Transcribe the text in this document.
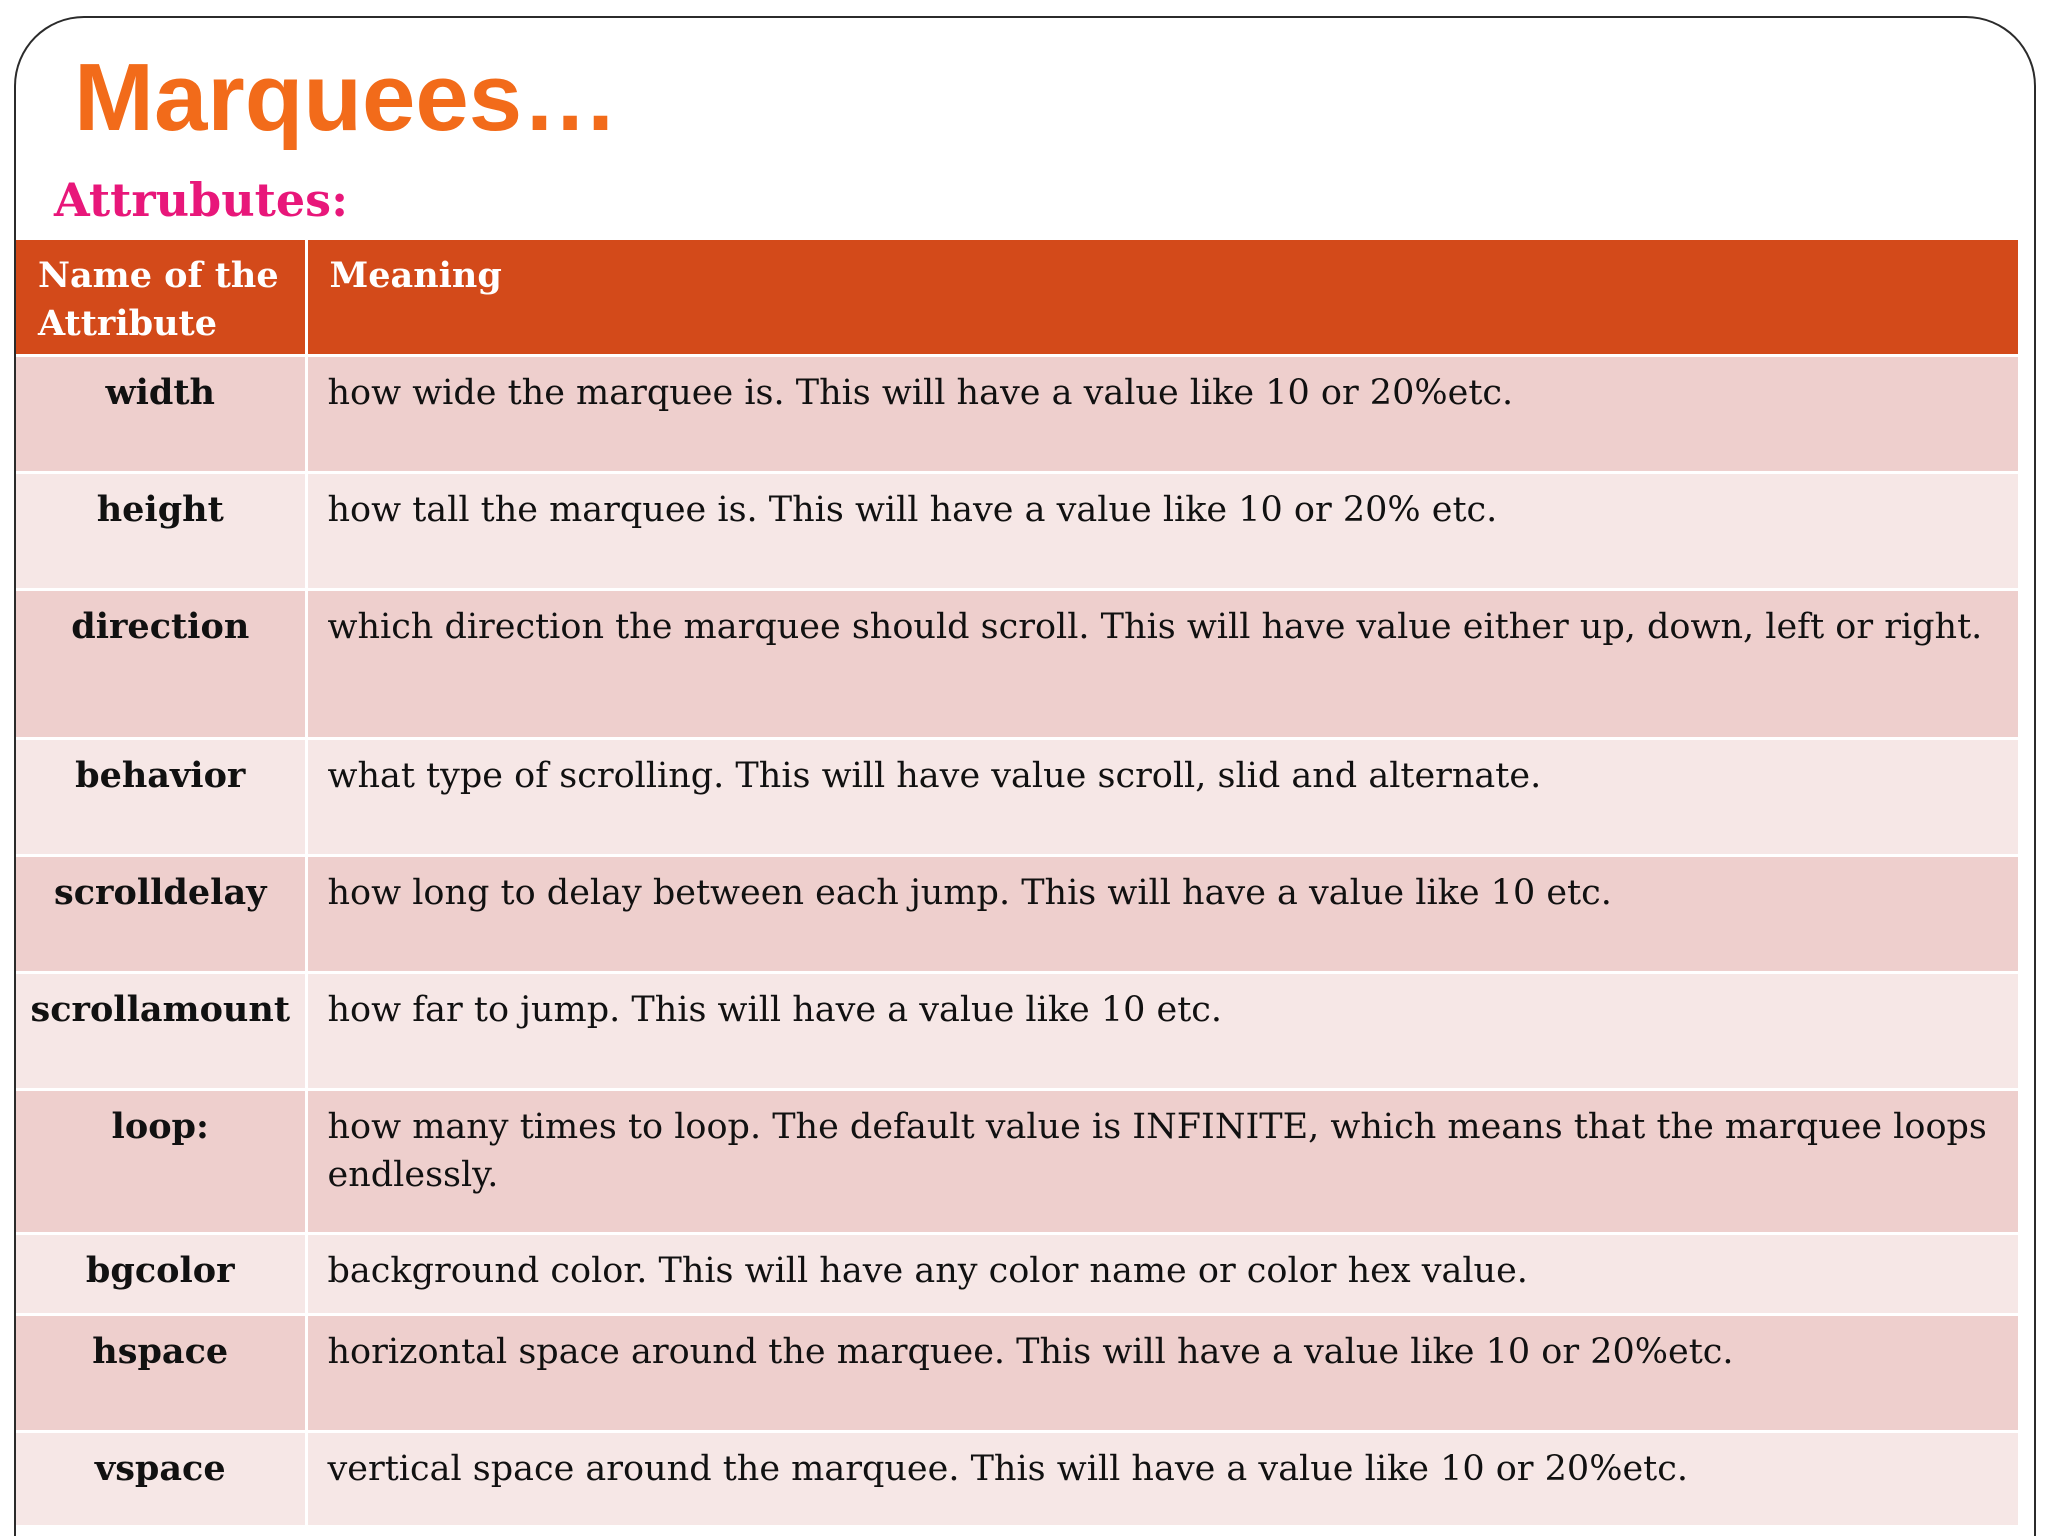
Marquees…
Attrubutes:
Name of the Attribute	Meaning
width	how wide the marquee is. This will have a value like 10 or 20%etc.
height	how tall the marquee is. This will have a value like 10 or 20% etc.
direction	which direction the marquee should scroll. This will have value either up, down, left or right.
behavior	what type of scrolling. This will have value scroll, slid and alternate.
scrolldelay	how long to delay between each jump. This will have a value like 10 etc.
scrollamount	how far to jump. This will have a value like 10 etc.
loop:	how many times to loop. The default value is INFINITE, which means that the marquee loops endlessly.
bgcolor	background color. This will have any color name or color hex value.
hspace	horizontal space around the marquee. This will have a value like 10 or 20%etc.
vspace	vertical space around the marquee. This will have a value like 10 or 20%etc.
